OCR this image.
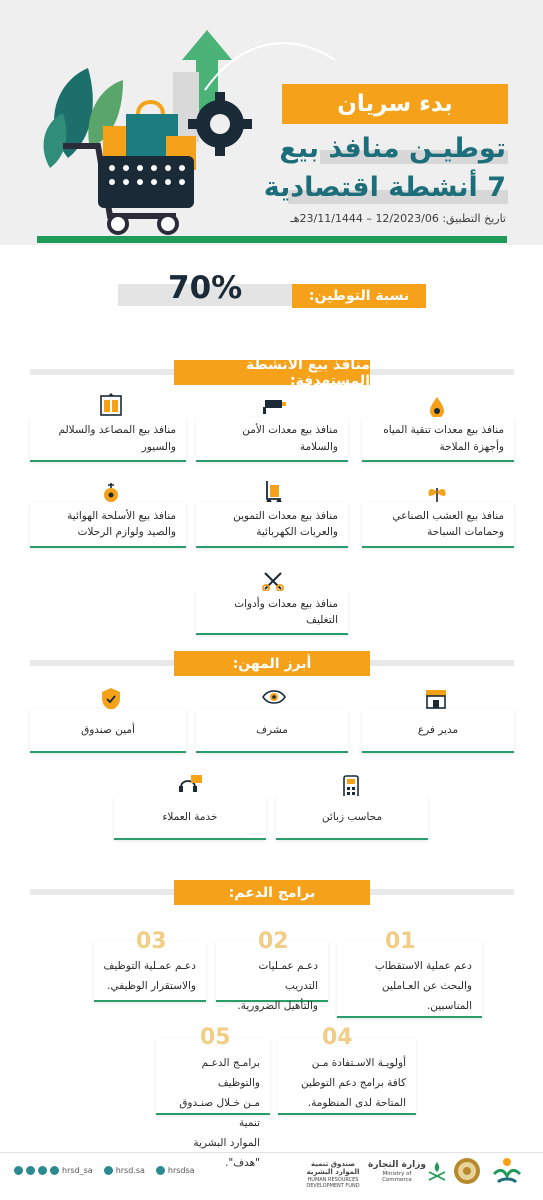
بدء سريان
توطيـن منافذ بيع
7 أنشطة اقتصادية
تاريخ التطبيق: 12/2023/06 – 23/11/1444هـ
70%	نسبة التوطين:
منافذ بيع الأنشطة المستهدفة:
منافذ بيع معدات تنقية المياه وأجهزة الملاحة
منافذ بيع معدات الأمن والسلامة
منافذ بيع المصاعد والسلالم والسيور
منافذ بيع العشب الصناعي وحمامات السباحة
منافذ بيع معدات التموين والعربات الكهربائية
منافذ بيع الأسلحة الهوائية والصيد ولوازم الرحلات
منافذ بيع معدات وأدوات التغليف
أبرز المهن:
مدير فرع
مشرف
أمين صندوق
محاسب زبائن
خدمة العملاء
برامج الدعم:
دعم عملية الاستقطاب
والبحث عن العـاملين
المناسبين.
01
دعـم عمـليات التدريب
والتأهيل الضرورية.
02
دعـم عمـلية التوظيف
والاستقرار الوظيفي.
03
أولويـة الاسـتفادة مـن
كافة برامج دعم التوطين
المتاحة لدى المنظومة.
04
برامـج الدعـم والتوظيف
مـن خـلال صنـدوق تنمية
الموارد البشرية "هدف".
05
hrsd_sa	hrsd.sa	hrsdsa
صندوق تنمية الموارد البشرية
HUMAN RESOURCES DEVELOPMENT FUND
وزارة التجارة
Ministry of Commerce
